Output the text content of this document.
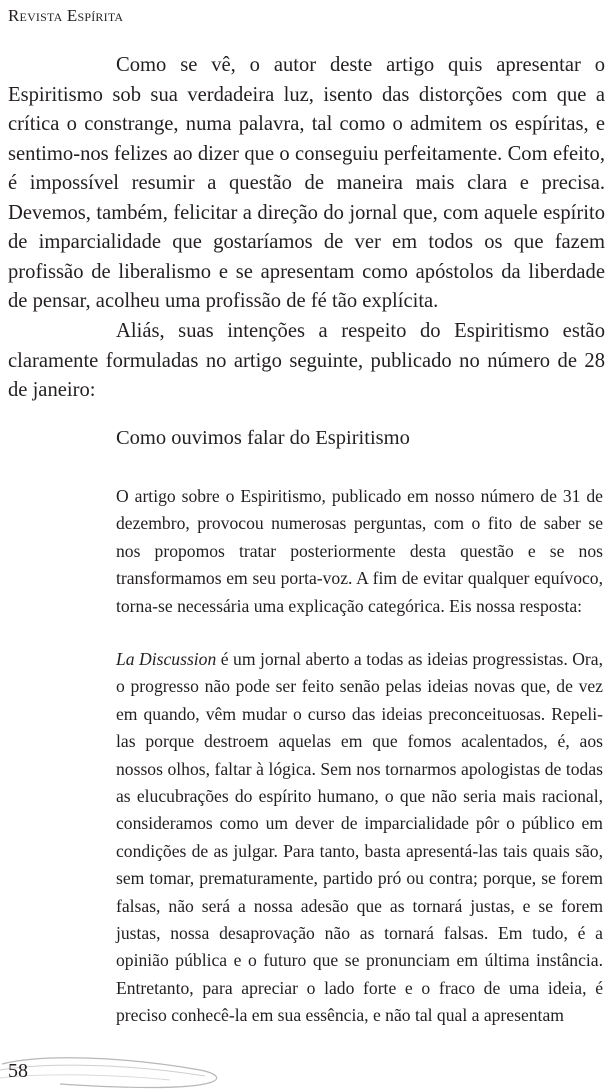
Revista Espírita

Como se vê, o autor deste artigo quis apresentar o Espiritismo sob sua verdadeira luz, isento das distorções com que a crítica o constrange, numa palavra, tal como o admitem os espíritas, e sentimo-nos felizes ao dizer que o conseguiu perfeitamente. Com efeito, é impossível resumir a questão de maneira mais clara e precisa. Devemos, também, felicitar a direção do jornal que, com aquele espírito de imparcialidade que gostaríamos de ver em todos os que fazem profissão de liberalismo e se apresentam como apóstolos da liberdade de pensar, acolheu uma profissão de fé tão explícita.

Aliás, suas intenções a respeito do Espiritismo estão claramente formuladas no artigo seguinte, publicado no número de 28 de janeiro:

Como ouvimos falar do Espiritismo

O artigo sobre o Espiritismo, publicado em nosso número de 31 de dezembro, provocou numerosas perguntas, com o fito de saber se nos propomos tratar posteriormente desta questão e se nos transformamos em seu porta-voz. A fim de evitar qualquer equívoco, torna-se necessária uma explicação categórica. Eis nossa resposta:

La Discussion é um jornal aberto a todas as ideias progressistas. Ora, o progresso não pode ser feito senão pelas ideias novas que, de vez em quando, vêm mudar o curso das ideias preconceituosas. Repeli-las porque destroem aquelas em que fomos acalentados, é, aos nossos olhos, faltar à lógica. Sem nos tornarmos apologistas de todas as elucubrações do espírito humano, o que não seria mais racional, consideramos como um dever de imparcialidade pôr o público em condições de as julgar. Para tanto, basta apresentá-las tais quais são, sem tomar, prematuramente, partido pró ou contra; porque, se forem falsas, não será a nossa adesão que as tornará justas, e se forem justas, nossa desaprovação não as tornará falsas. Em tudo, é a opinião pública e o futuro que se pronunciam em última instância. Entretanto, para apreciar o lado forte e o fraco de uma ideia, é preciso conhecê-la em sua essência, e não tal qual a apresentam

58
